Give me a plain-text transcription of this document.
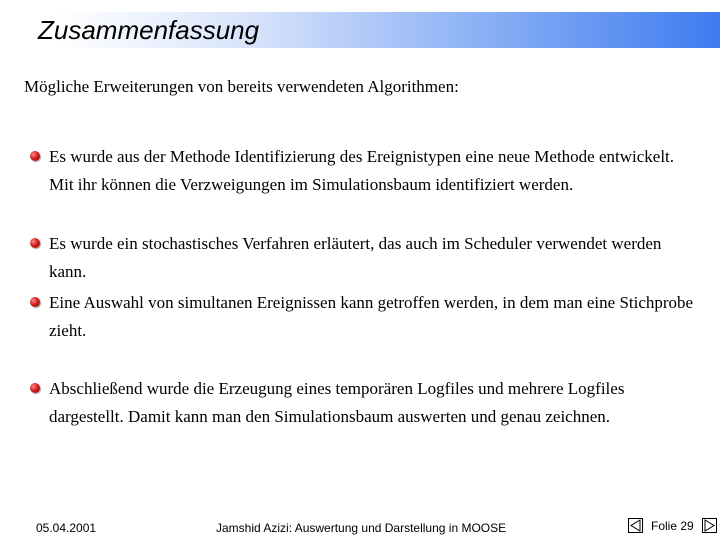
Zusammenfassung

Mögliche Erweiterungen von bereits verwendeten Algorithmen:

Es wurde aus der Methode Identifizierung des Ereignistypen eine neue Methode entwickelt. Mit ihr können die Verzweigungen im Simulationsbaum identifiziert werden.
Es wurde ein stochastisches Verfahren erläutert, das auch im Scheduler verwendet werden kann.
Eine Auswahl von simultanen Ereignissen kann getroffen werden, in dem man eine Stichprobe zieht.
Abschließend wurde die Erzeugung eines temporären Logfiles und mehrere Logfiles dargestellt. Damit kann man den Simulationsbaum auswerten und genau zeichnen.
05.04.2001	Jamshid Azizi: Auswertung und Darstellung in MOOSE	Folie 29
